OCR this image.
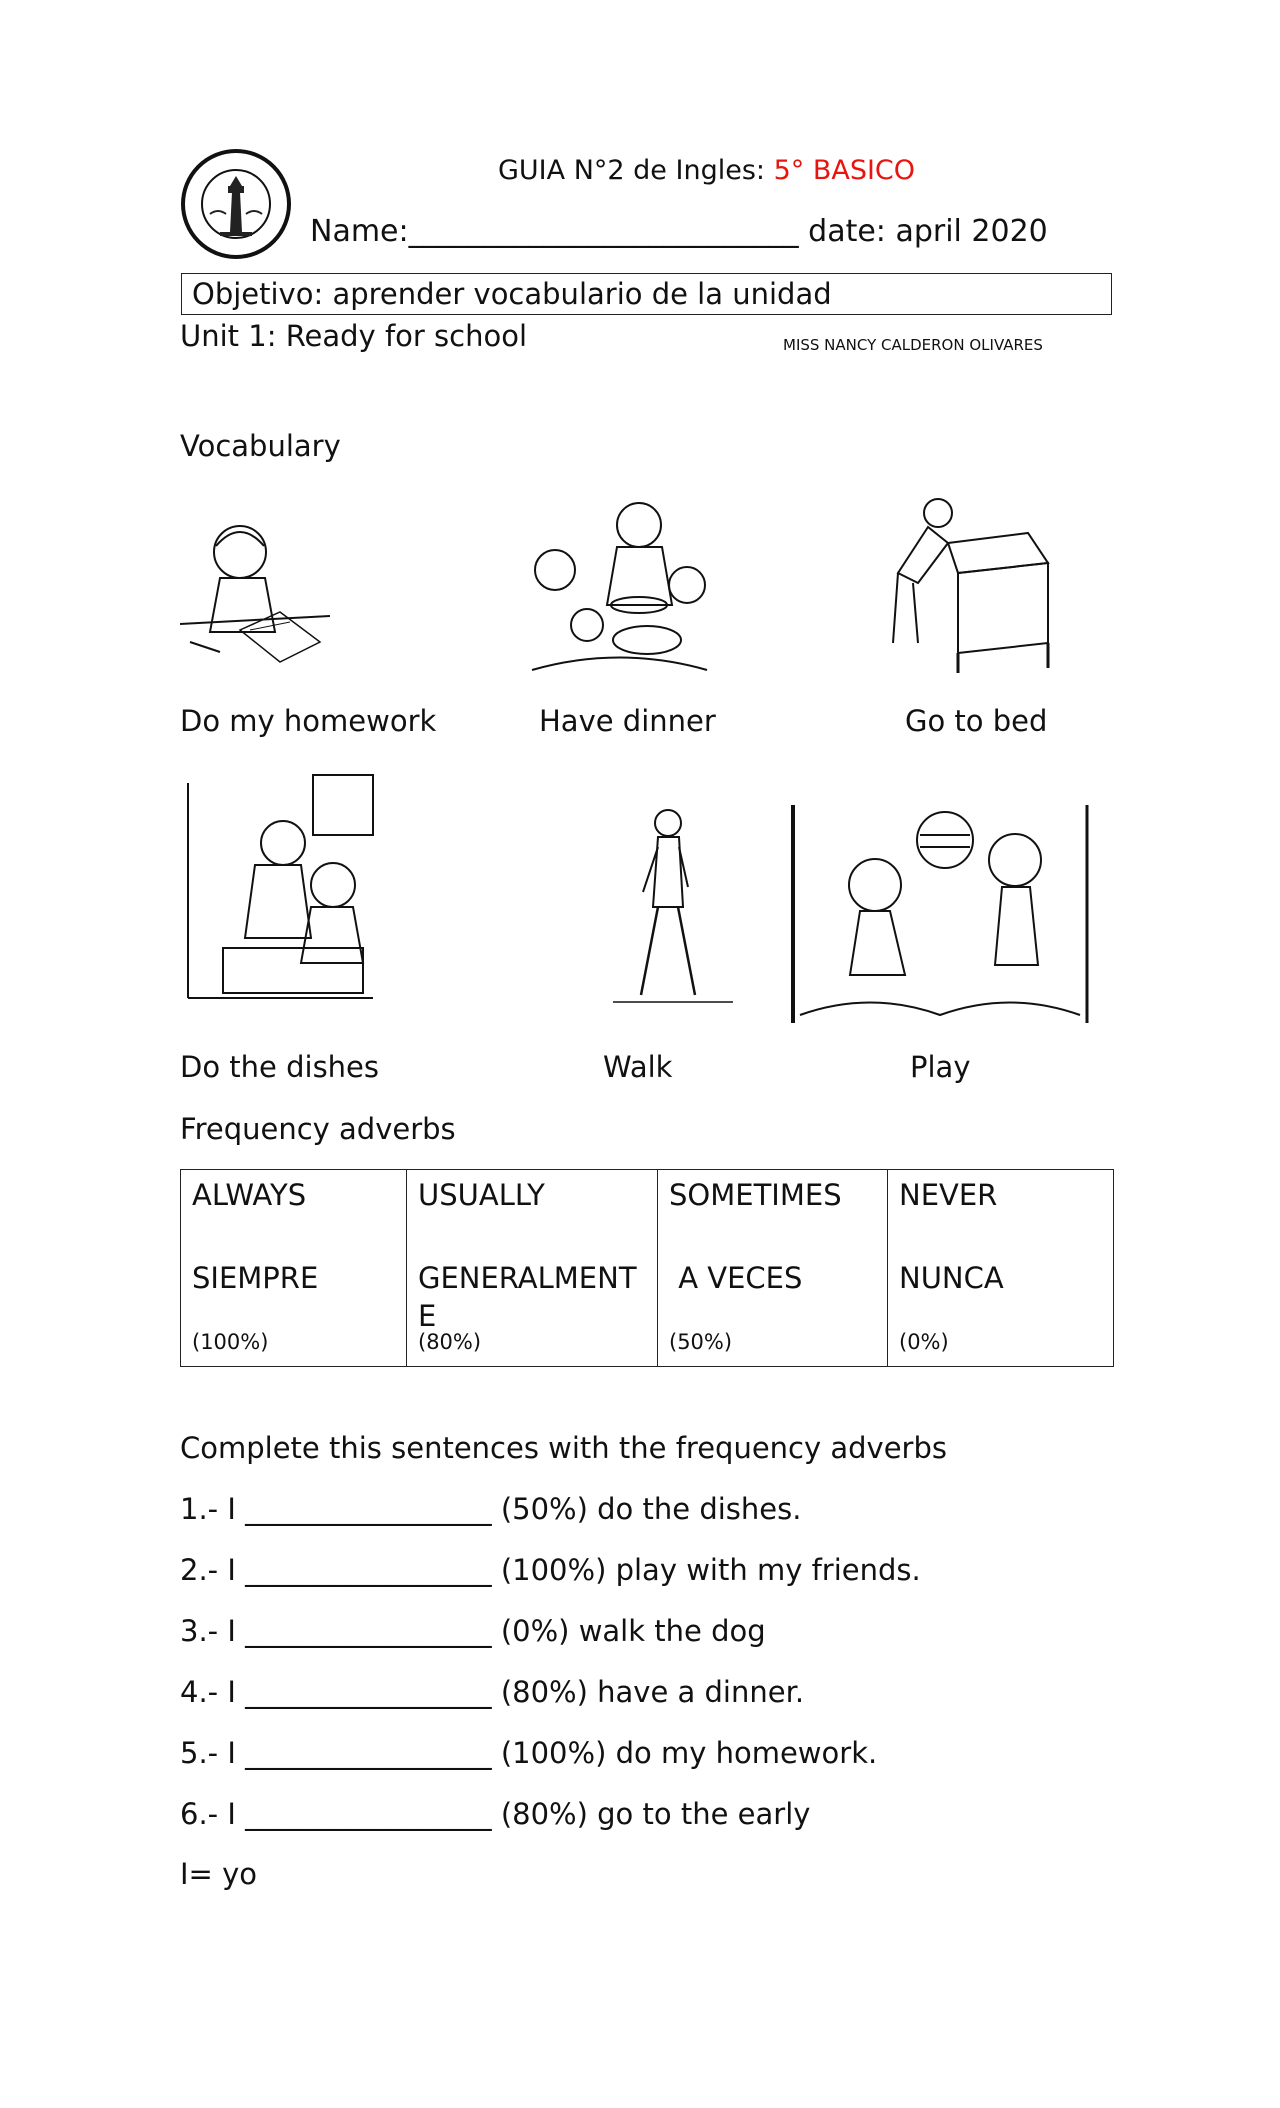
GUIA N°2 de Ingles: 5° BASICO
Name:__________________________ date: april 2020
Objetivo: aprender vocabulario de la unidad
Unit 1: Ready for school	MISS NANCY CALDERON OLIVARES
Vocabulary
Do my homework	Have dinner	Go to bed
Do the dishes	Walk	Play
Frequency adverbs
ALWAYS
SIEMPRE
(100%)

USUALLY
GENERALMENTE
(80%)

SOMETIMES
A VECES
(50%)

NEVER
NUNCA
(0%)
Complete this sentences with the frequency adverbs
1.- I _________________ (50%) do the dishes.
2.- I _________________ (100%) play with my friends.
3.- I _________________ (0%) walk the dog
4.- I _________________ (80%) have a dinner.
5.- I _________________ (100%) do my homework.
6.- I _________________ (80%) go to the early
I= yo
